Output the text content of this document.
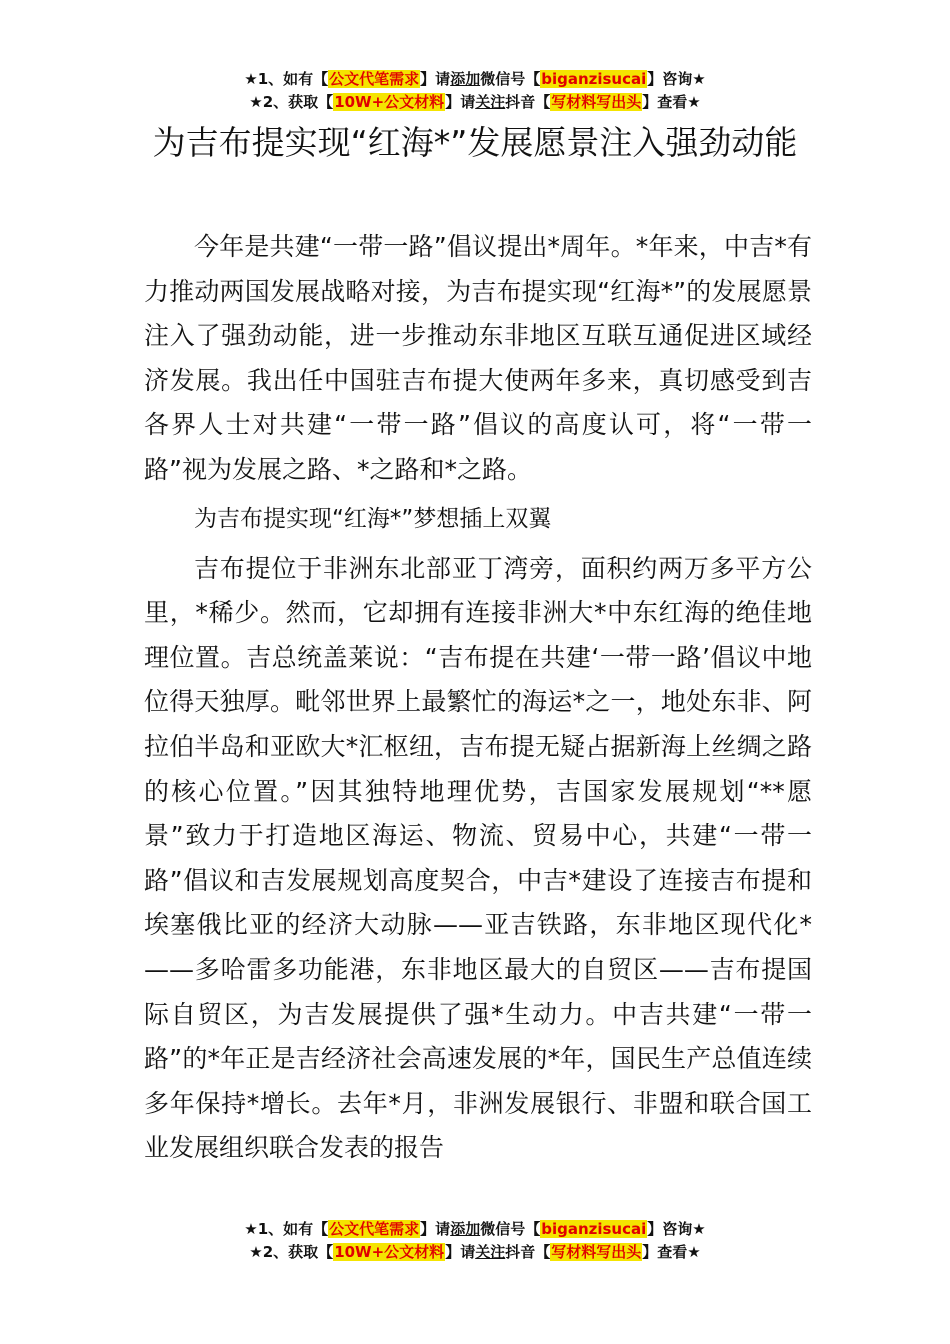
★1、如有【公文代笔需求】请添加微信号【biganzisucai】咨询★
★2、获取【10W+公文材料】请关注抖音【写材料写出头】查看★
为吉布提实现“红海*”发展愿景注入强劲动能

今年是共建“一带一路”倡议提出*周年。*年来，中吉*有力推动两国发展战略对接，为吉布提实现“红海*”的发展愿景注入了强劲动能，进一步推动东非地区互联互通促进区域经济发展。我出任中国驻吉布提大使两年多来，真切感受到吉各界人士对共建“一带一路”倡议的高度认可，将“一带一路”视为发展之路、*之路和*之路。

为吉布提实现“红海*”梦想插上双翼

吉布提位于非洲东北部亚丁湾旁，面积约两万多平方公里，*稀少。然而，它却拥有连接非洲大*中东红海的绝佳地理位置。吉总统盖莱说：“吉布提在共建‘一带一路’倡议中地位得天独厚。毗邻世界上最繁忙的海运*之一，地处东非、阿拉伯半岛和亚欧大*汇枢纽，吉布提无疑占据新海上丝绸之路的核心位置。”因其独特地理优势，吉国家发展规划“**愿景”致力于打造地区海运、物流、贸易中心，共建“一带一路”倡议和吉发展规划高度契合，中吉*建设了连接吉布提和埃塞俄比亚的经济大动脉——亚吉铁路，东非地区现代化*——多哈雷多功能港，东非地区最大的自贸区——吉布提国际自贸区，为吉发展提供了强*生动力。中吉共建“一带一路”的*年正是吉经济社会高速发展的*年，国民生产总值连续多年保持*增长。去年*月，非洲发展银行、非盟和联合国工业发展组织联合发表的报告

★1、如有【公文代笔需求】请添加微信号【biganzisucai】咨询★
★2、获取【10W+公文材料】请关注抖音【写材料写出头】查看★
